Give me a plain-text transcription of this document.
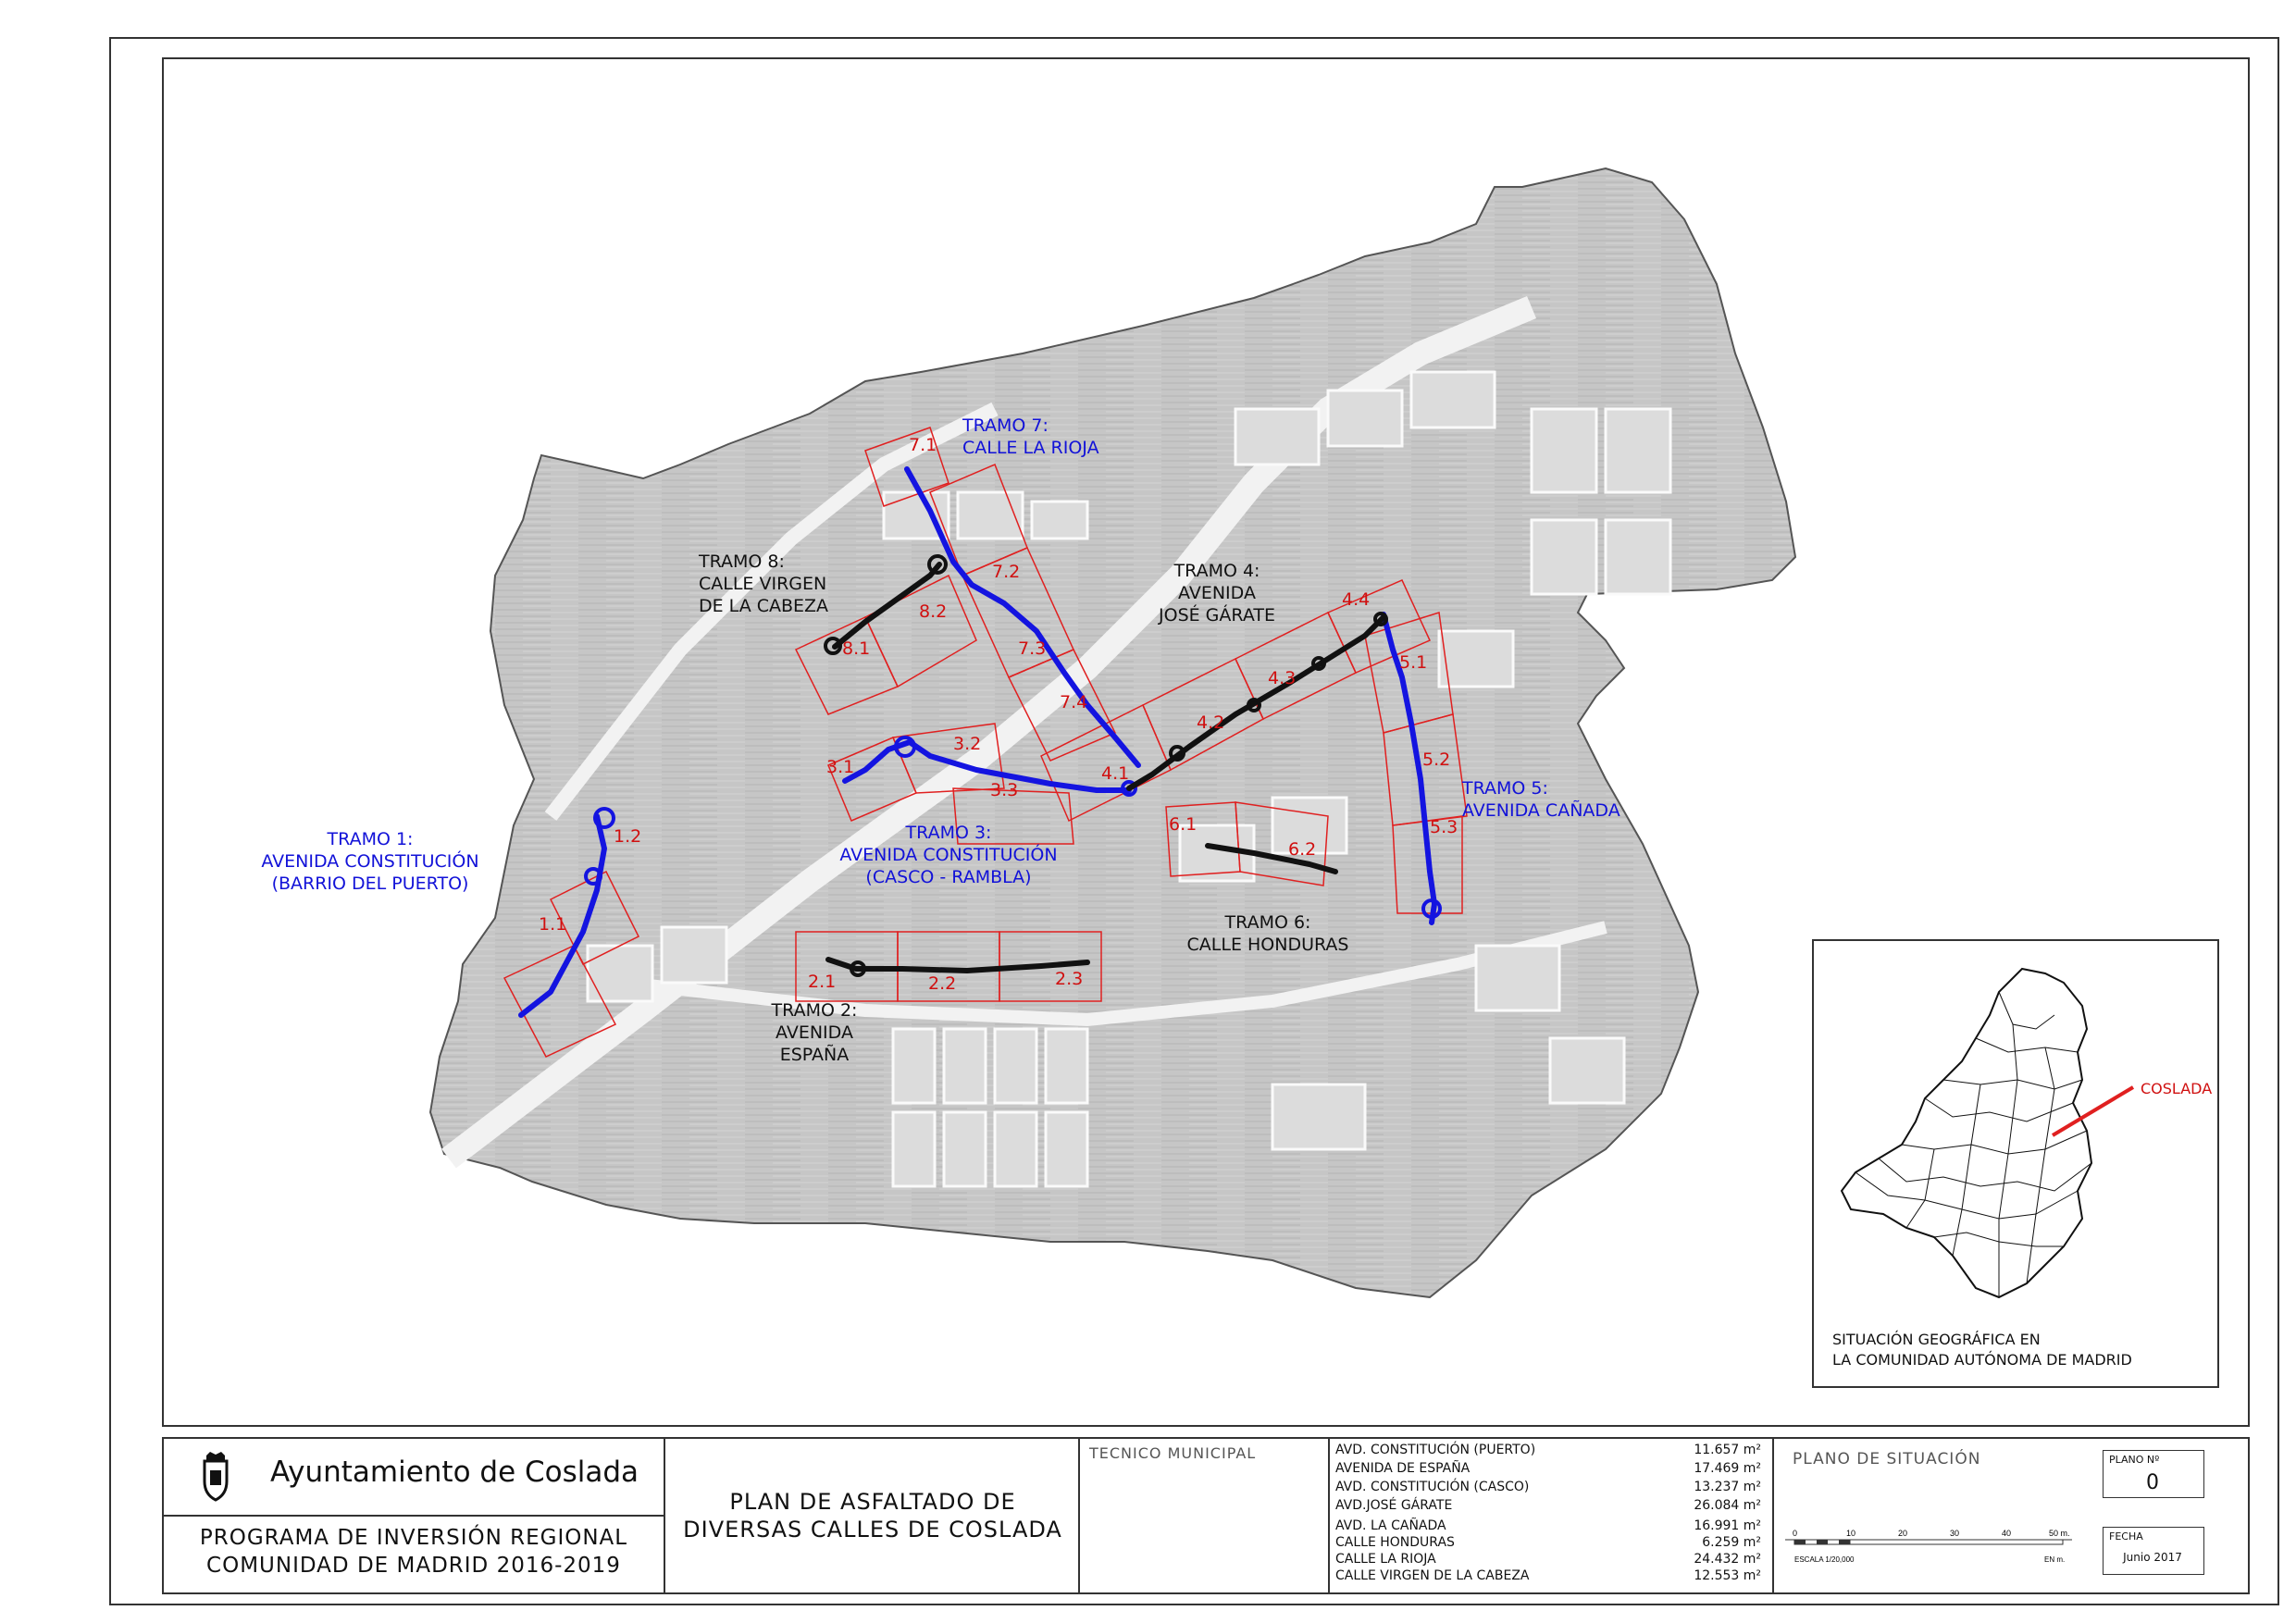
TRAMO 1:
AVENIDA CONSTITUCIÓN
(BARRIO DEL PUERTO)
TRAMO 2:
AVENIDA
ESPAÑA
TRAMO 3:
AVENIDA CONSTITUCIÓN
(CASCO - RAMBLA)
TRAMO 4:
AVENIDA
JOSÉ GÁRATE
TRAMO 5:
AVENIDA CAÑADA
TRAMO 6:
CALLE HONDURAS
TRAMO 7:
CALLE LA RIOJA
TRAMO 8:
CALLE VIRGEN
DE LA CABEZA
1.1
1.2
2.1	2.2	2.3
3.1
3.2
3.3
4.1
4.2
4.3
4.4
5.1
5.2
5.3
6.1
6.2
7.1
7.2
7.3
7.4
8.1
8.2
COSLADA
SITUACIÓN GEOGRÁFICA EN
LA COMUNIDAD AUTÓNOMA DE MADRID
Ayuntamiento de Coslada
PROGRAMA DE INVERSIÓN REGIONAL
COMUNIDAD DE MADRID 2016-2019
PLAN DE ASFALTADO DE
DIVERSAS CALLES DE COSLADA
TECNICO MUNICIPAL	AVD. CONSTITUCIÓN (PUERTO)	11.657 m²
AVENIDA DE ESPAÑA	17.469 m²
AVD. CONSTITUCIÓN (CASCO)	13.237 m²
AVD.JOSÉ GÁRATE	26.084 m²
AVD. LA CAÑADA	16.991 m²
CALLE HONDURAS	6.259 m²
CALLE LA RIOJA	24.432 m²
CALLE VIRGEN DE LA CABEZA	12.553 m²
PLANO DE SITUACIÓN	PLANO Nº
0
0	10	20	30	40	50 m.
ESCALA 1/20,000	EN m.
FECHA
Junio 2017
